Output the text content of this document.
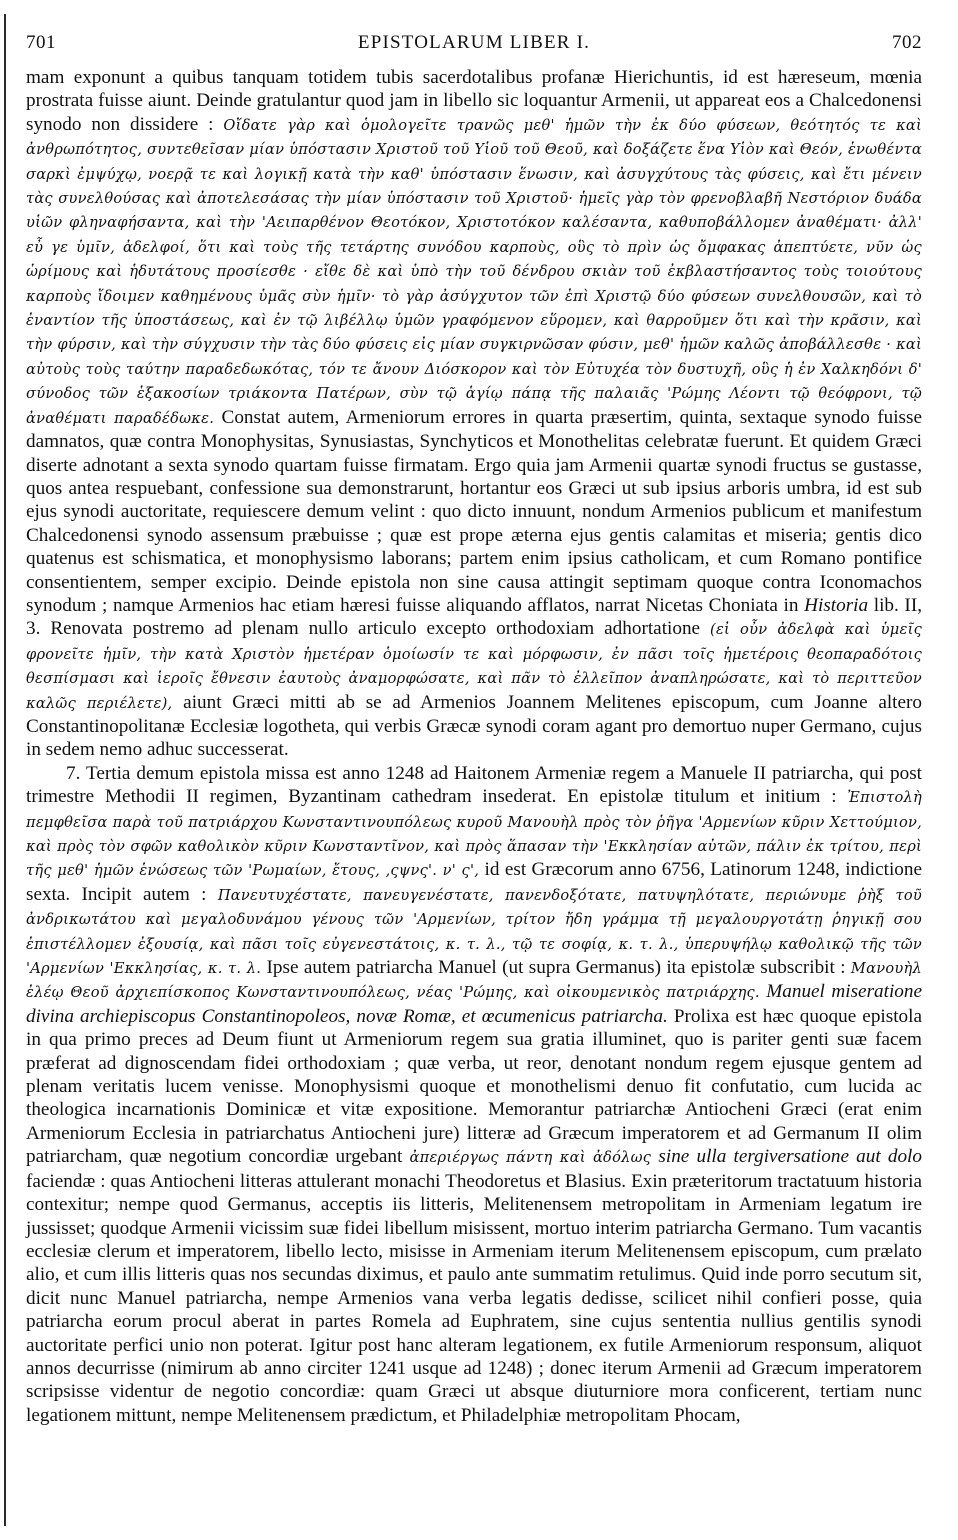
701	EPISTOLARUM LIBER I.	702

mam exponunt a quibus tanquam totidem tubis sacerdotalibus profanæ Hierichuntis, id est hæreseum, mœnia prostrata fuisse aiunt. Deinde gratulantur quod jam in libello sic loquantur Armenii, ut appareat eos a Chalcedonensi synodo non dissidere : Οἴδατε γὰρ καὶ ὁμολογεῖτε τρανῶς μεθ' ἡμῶν τὴν ἐκ δύο φύσεων, θεότητός τε καὶ ἀνθρωπότητος, συντεθεῖσαν μίαν ὑπόστασιν Χριστοῦ τοῦ Υἱοῦ τοῦ Θεοῦ, καὶ δοξάζετε ἕνα Υἱὸν καὶ Θεόν, ἑνωθέντα σαρκὶ ἐμψύχῳ, νοερᾷ τε καὶ λογικῇ κατὰ τὴν καθ' ὑπόστασιν ἕνωσιν, καὶ ἀσυγχύτους τὰς φύσεις, καὶ ἔτι μένειν τὰς συνελθούσας καὶ ἀποτελεσάσας τὴν μίαν ὑπόστασιν τοῦ Χριστοῦ· ἡμεῖς γὰρ τὸν φρενοβλαβῆ Νεστόριον δυάδα υἱῶν φληναφήσαντα, καὶ τὴν 'Αειπαρθένον Θεοτόκον, Χριστοτόκον καλέσαντα, καθυποβάλλομεν ἀναθέματι· ἀλλ' εὖ γε ὑμῖν, ἀδελφοί, ὅτι καὶ τοὺς τῆς τετάρτης συνόδου καρποὺς, οὓς τὸ πρὶν ὡς ὄμφακας ἀπεπτύετε, νῦν ὡς ὡρίμους καὶ ἡδυτάτους προσίεσθε · εἴθε δὲ καὶ ὑπὸ τὴν τοῦ δένδρου σκιὰν τοῦ ἐκβλαστήσαντος τοὺς τοιούτους καρποὺς ἴδοιμεν καθημένους ὑμᾶς σὺν ἡμῖν· τὸ γὰρ ἀσύγχυτον τῶν ἐπὶ Χριστῷ δύο φύσεων συνελθουσῶν, καὶ τὸ ἐναντίον τῆς ὑποστάσεως, καὶ ἐν τῷ λιβέλλῳ ὑμῶν γραφόμενον εὕρομεν, καὶ θαρροῦμεν ὅτι καὶ τὴν κρᾶσιν, καὶ τὴν φύρσιν, καὶ τὴν σύγχυσιν τὴν τὰς δύο φύσεις εἰς μίαν συγκιρνῶσαν φύσιν, μεθ' ἡμῶν καλῶς ἀποβάλλεσθε · καὶ αὐτοὺς τοὺς ταύτην παραδεδωκότας, τόν τε ἄνουν Διόσκορον καὶ τὸν Εὐτυχέα τὸν δυστυχῆ, οὓς ἡ ἐν Χαλκηδόνι δ' σύνοδος τῶν ἑξακοσίων τριάκοντα Πατέρων, σὺν τῷ ἁγίῳ πάπᾳ τῆς παλαιᾶς 'Ρώμης Λέοντι τῷ θεόφρονι, τῷ ἀναθέματι παραδέδωκε. Constat autem, Armeniorum errores in quarta præsertim, quinta, sextaque synodo fuisse damnatos, quæ contra Monophysitas, Synusiastas, Synchyticos et Monothelitas celebratæ fuerunt. Et quidem Græci diserte adnotant a sexta synodo quartam fuisse firmatam. Ergo quia jam Armenii quartæ synodi fructus se gustasse, quos antea respuebant, confessione sua demonstrarunt, hortantur eos Græci ut sub ipsius arboris umbra, id est sub ejus synodi auctoritate, requiescere demum velint : quo dicto innuunt, nondum Armenios publicum et manifestum Chalcedonensi synodo assensum præbuisse ; quæ est prope æterna ejus gentis calamitas et miseria; gentis dico quatenus est schismatica, et monophysismo laborans; partem enim ipsius catholicam, et cum Romano pontifice consentientem, semper excipio. Deinde epistola non sine causa attingit septimam quoque contra Iconomachos synodum ; namque Armenios hac etiam hæresi fuisse aliquando afflatos, narrat Nicetas Choniata in Historia lib. II, 3. Renovata postremo ad plenam nullo articulo excepto orthodoxiam adhortatione (εἰ οὖν ἀδελφὰ καὶ ὑμεῖς φρονεῖτε ἡμῖν, τὴν κατὰ Χριστὸν ἡμετέραν ὁμοίωσίν τε καὶ μόρφωσιν, ἐν πᾶσι τοῖς ἡμετέροις θεοπαραδότοις θεσπίσμασι καὶ ἱεροῖς ἔθνεσιν ἑαυτοὺς ἀναμορφώσατε, καὶ πᾶν τὸ ἐλλεῖπον ἀναπληρώσατε, καὶ τὸ περιττεῦον καλῶς περιέλετε), aiunt Græci mitti ab se ad Armenios Joannem Melitenes episcopum, cum Joanne altero Constantinopolitanæ Ecclesiæ logotheta, qui verbis Græcæ synodi coram agant pro demortuo nuper Germano, cujus in sedem nemo adhuc successerat.

7. Tertia demum epistola missa est anno 1248 ad Haitonem Armeniæ regem a Manuele II patriarcha, qui post trimestre Methodii II regimen, Byzantinam cathedram insederat. En epistolæ titulum et initium : Ἐπιστολὴ πεμφθεῖσα παρὰ τοῦ πατριάρχου Κωνσταντινουπόλεως κυροῦ Μανουὴλ πρὸς τὸν ῥῆγα 'Αρμενίων κῦριν Χεττούμιον, καὶ πρὸς τὸν σφῶν καθολικὸν κῦριν Κωνσταντῖνον, καὶ πρὸς ἅπασαν τὴν 'Εκκλησίαν αὐτῶν, πάλιν ἐκ τρίτου, περὶ τῆς μεθ' ἡμῶν ἑνώσεως τῶν 'Ρωμαίων, ἔτους, ‚ςψνς'. ν' ς', id est Græcorum anno 6756, Latinorum 1248, indictione sexta. Incipit autem : Πανευτυχέστατε, πανευγενέστατε, πανενδοξότατε, πατυψηλότατε, περιώνυμε ῥὴξ τοῦ ἀνδρικωτάτου καὶ μεγαλοδυνάμου γένους τῶν 'Αρμενίων, τρίτον ἤδη γράμμα τῇ μεγαλουργοτάτῃ ῥηγικῇ σου ἐπιστέλλομεν ἐξουσίᾳ, καὶ πᾶσι τοῖς εὐγενεστάτοις, κ. τ. λ., τῷ τε σοφίᾳ, κ. τ. λ., ὑπερυψήλῳ καθολικῷ τῆς τῶν 'Αρμενίων 'Εκκλησίας, κ. τ. λ. Ipse autem patriarcha Manuel (ut supra Germanus) ita epistolæ subscribit : Μανουὴλ ἐλέῳ Θεοῦ ἀρχιεπίσκοπος Κωνσταντινουπόλεως, νέας 'Ρώμης, καὶ οἰκουμενικὸς πατριάρχης. Manuel miseratione divina archiepiscopus Constantinopoleos, novæ Romæ, et œcumenicus patriarcha. Prolixa est hæc quoque epistola in qua primo preces ad Deum fiunt ut Armeniorum regem sua gratia illuminet, quo is pariter genti suæ facem præferat ad dignoscendam fidei orthodoxiam ; quæ verba, ut reor, denotant nondum regem ejusque gentem ad plenam veritatis lucem venisse. Monophysismi quoque et monothelismi denuo fit confutatio, cum lucida ac theologica incarnationis Dominicæ et vitæ expositione. Memorantur patriarchæ Antiocheni Græci (erat enim Armeniorum Ecclesia in patriarchatus Antiocheni jure) litteræ ad Græcum imperatorem et ad Germanum II olim patriarcham, quæ negotium concordiæ urgebant ἀπεριέργως πάντη καὶ ἀδόλως sine ulla tergiversatione aut dolo faciendæ : quas Antiocheni litteras attulerant monachi Theodoretus et Blasius. Exin præteritorum tractatuum historia contexitur; nempe quod Germanus, acceptis iis litteris, Melitenensem metropolitam in Armeniam legatum ire jussisset; quodque Armenii vicissim suæ fidei libellum misissent, mortuo interim patriarcha Germano. Tum vacantis ecclesiæ clerum et imperatorem, libello lecto, misisse in Armeniam iterum Melitenensem episcopum, cum prælato alio, et cum illis litteris quas nos secundas diximus, et paulo ante summatim retulimus. Quid inde porro secutum sit, dicit nunc Manuel patriarcha, nempe Armenios vana verba legatis dedisse, scilicet nihil confieri posse, quia patriarcha eorum procul aberat in partes Romela ad Euphratem, sine cujus sententia nullius gentilis synodi auctoritate perfici unio non poterat. Igitur post hanc alteram legationem, ex futile Armeniorum responsum, aliquot annos decurrisse (nimirum ab anno circiter 1241 usque ad 1248) ; donec iterum Armenii ad Græcum imperatorem scripsisse videntur de negotio concordiæ: quam Græci ut absque diuturniore mora conficerent, tertiam nunc legationem mittunt, nempe Melitenensem prædictum, et Philadelphiæ metropolitam Phocam,
